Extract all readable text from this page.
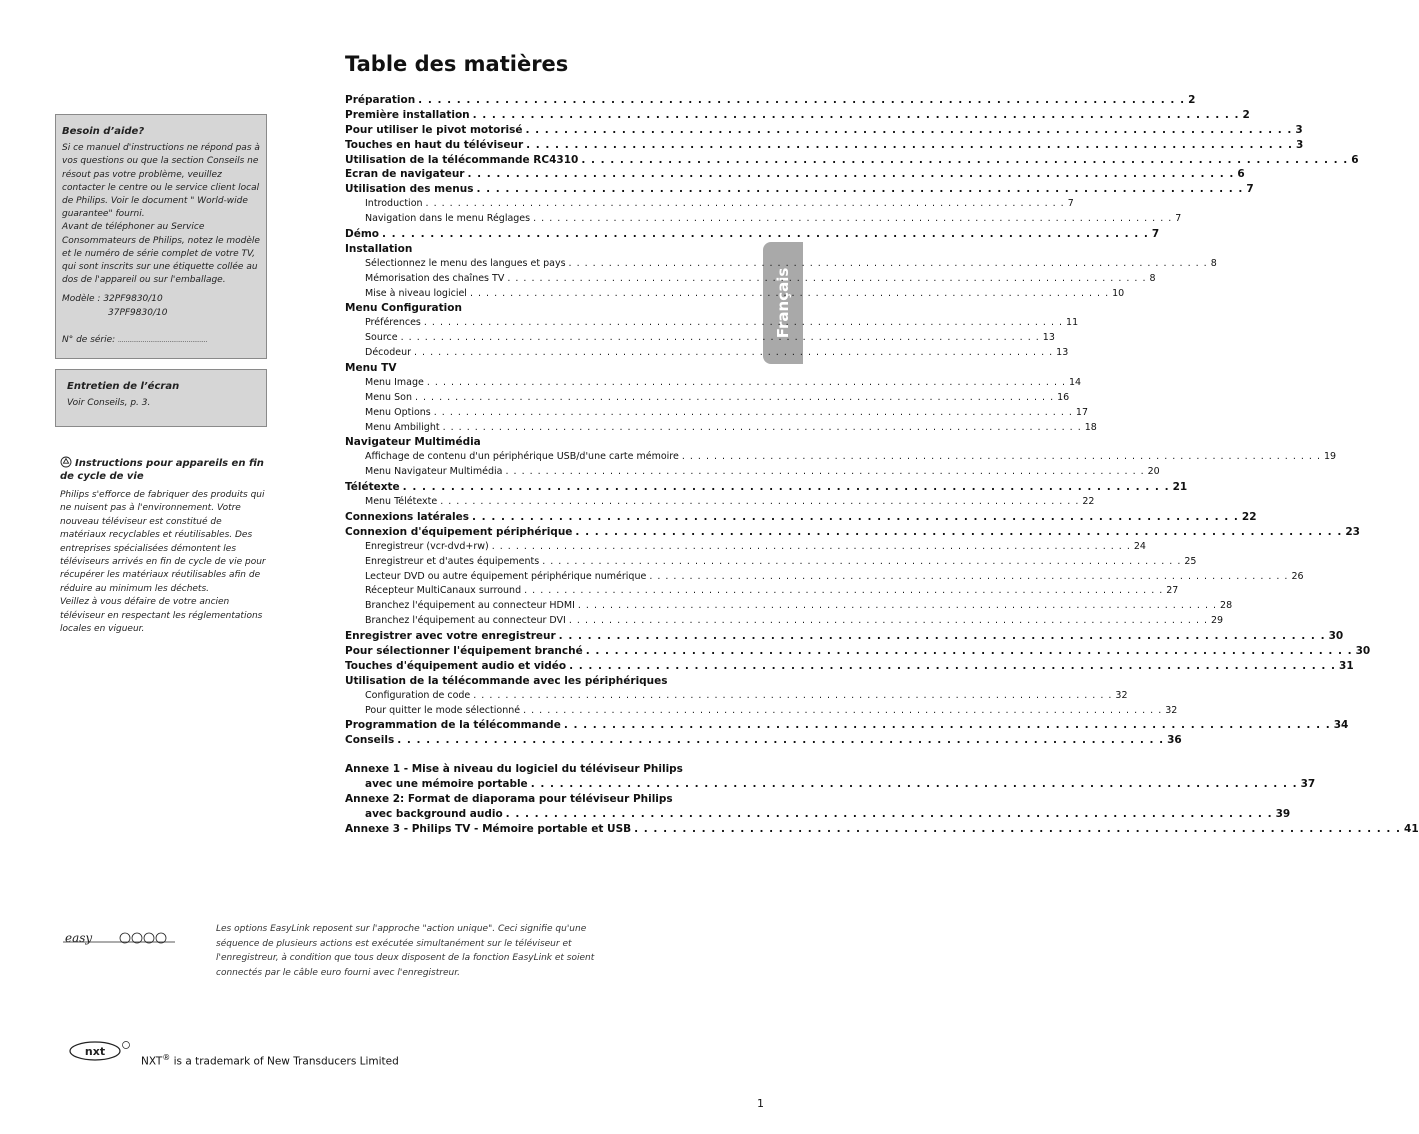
Français
Besoin d’aide?

Si ce manuel d'instructions ne répond pas à vos questions ou que la section Conseils ne résout pas votre problème, veuillez contacter le centre ou le service client local de Philips. Voir le document " World-wide guarantee" fourni.

Avant de téléphoner au Service Consommateurs de Philips, notez le modèle et le numéro de série complet de votre TV, qui sont inscrits sur une étiquette collée au dos de l'appareil ou sur l'emballage.

Modèle : 32PF9830/10

37PF9830/10

N° de série: ...............................................

Entretien de l’écran

Voir Conseils, p. 3.

Instructions pour appareils en fin de cycle de vie

Philips s'efforce de fabriquer des produits qui ne nuisent pas à l'environnement. Votre nouveau téléviseur est constitué de matériaux recyclables et réutilisables. Des entreprises spécialisées démontent les téléviseurs arrivés en fin de cycle de vie pour récupérer les matériaux réutilisables afin de réduire au minimum les déchets.

Veillez à vous défaire de votre ancien téléviseur en respectant les réglementations locales en vigueur.

Table des matières
Préparation . . . . . . . . . . . . . . . . . . . . . . . . . . . . . . . . . . . . . . . . . . . . . . . . . . . . . . . . . . . . . . . . . . . . . . . . . . . . . . . . 2
Première installation . . . . . . . . . . . . . . . . . . . . . . . . . . . . . . . . . . . . . . . . . . . . . . . . . . . . . . . . . . . . . . . . . . . . . . . . . . . . . . . . 2
Pour utiliser le pivot motorisé . . . . . . . . . . . . . . . . . . . . . . . . . . . . . . . . . . . . . . . . . . . . . . . . . . . . . . . . . . . . . . . . . . . . . . . . . . . . . . . . 3
Touches en haut du téléviseur . . . . . . . . . . . . . . . . . . . . . . . . . . . . . . . . . . . . . . . . . . . . . . . . . . . . . . . . . . . . . . . . . . . . . . . . . . . . . . . . 3
Utilisation de la télécommande RC4310 . . . . . . . . . . . . . . . . . . . . . . . . . . . . . . . . . . . . . . . . . . . . . . . . . . . . . . . . . . . . . . . . . . . . . . . . . . . . . . . . 6
Ecran de navigateur . . . . . . . . . . . . . . . . . . . . . . . . . . . . . . . . . . . . . . . . . . . . . . . . . . . . . . . . . . . . . . . . . . . . . . . . . . . . . . . . 6
Utilisation des menus . . . . . . . . . . . . . . . . . . . . . . . . . . . . . . . . . . . . . . . . . . . . . . . . . . . . . . . . . . . . . . . . . . . . . . . . . . . . . . . . 7
Introduction . . . . . . . . . . . . . . . . . . . . . . . . . . . . . . . . . . . . . . . . . . . . . . . . . . . . . . . . . . . . . . . . . . . . . . . . . . . . . . . . 7
Navigation dans le menu Réglages . . . . . . . . . . . . . . . . . . . . . . . . . . . . . . . . . . . . . . . . . . . . . . . . . . . . . . . . . . . . . . . . . . . . . . . . . . . . . . . . 7
Démo . . . . . . . . . . . . . . . . . . . . . . . . . . . . . . . . . . . . . . . . . . . . . . . . . . . . . . . . . . . . . . . . . . . . . . . . . . . . . . . . 7
Installation
Sélectionnez le menu des langues et pays . . . . . . . . . . . . . . . . . . . . . . . . . . . . . . . . . . . . . . . . . . . . . . . . . . . . . . . . . . . . . . . . . . . . . . . . . . . . . . . . 8
Mémorisation des chaînes TV . . . . . . . . . . . . . . . . . . . . . . . . . . . . . . . . . . . . . . . . . . . . . . . . . . . . . . . . . . . . . . . . . . . . . . . . . . . . . . . . 8
Mise à niveau logiciel . . . . . . . . . . . . . . . . . . . . . . . . . . . . . . . . . . . . . . . . . . . . . . . . . . . . . . . . . . . . . . . . . . . . . . . . . . . . . . . . 10
Menu Configuration
Préférences . . . . . . . . . . . . . . . . . . . . . . . . . . . . . . . . . . . . . . . . . . . . . . . . . . . . . . . . . . . . . . . . . . . . . . . . . . . . . . . . 11
Source . . . . . . . . . . . . . . . . . . . . . . . . . . . . . . . . . . . . . . . . . . . . . . . . . . . . . . . . . . . . . . . . . . . . . . . . . . . . . . . . 13
Décodeur . . . . . . . . . . . . . . . . . . . . . . . . . . . . . . . . . . . . . . . . . . . . . . . . . . . . . . . . . . . . . . . . . . . . . . . . . . . . . . . . 13
Menu TV
Menu Image . . . . . . . . . . . . . . . . . . . . . . . . . . . . . . . . . . . . . . . . . . . . . . . . . . . . . . . . . . . . . . . . . . . . . . . . . . . . . . . . 14
Menu Son . . . . . . . . . . . . . . . . . . . . . . . . . . . . . . . . . . . . . . . . . . . . . . . . . . . . . . . . . . . . . . . . . . . . . . . . . . . . . . . . 16
Menu Options . . . . . . . . . . . . . . . . . . . . . . . . . . . . . . . . . . . . . . . . . . . . . . . . . . . . . . . . . . . . . . . . . . . . . . . . . . . . . . . . 17
Menu Ambilight . . . . . . . . . . . . . . . . . . . . . . . . . . . . . . . . . . . . . . . . . . . . . . . . . . . . . . . . . . . . . . . . . . . . . . . . . . . . . . . . 18
Navigateur Multimédia
Affichage de contenu d'un périphérique USB/d'une carte mémoire . . . . . . . . . . . . . . . . . . . . . . . . . . . . . . . . . . . . . . . . . . . . . . . . . . . . . . . . . . . . . . . . . . . . . . . . . . . . . . . . 19
Menu Navigateur Multimédia . . . . . . . . . . . . . . . . . . . . . . . . . . . . . . . . . . . . . . . . . . . . . . . . . . . . . . . . . . . . . . . . . . . . . . . . . . . . . . . . 20
Télétexte . . . . . . . . . . . . . . . . . . . . . . . . . . . . . . . . . . . . . . . . . . . . . . . . . . . . . . . . . . . . . . . . . . . . . . . . . . . . . . . . 21
Menu Télétexte . . . . . . . . . . . . . . . . . . . . . . . . . . . . . . . . . . . . . . . . . . . . . . . . . . . . . . . . . . . . . . . . . . . . . . . . . . . . . . . . 22
Connexions latérales . . . . . . . . . . . . . . . . . . . . . . . . . . . . . . . . . . . . . . . . . . . . . . . . . . . . . . . . . . . . . . . . . . . . . . . . . . . . . . . . 22
Connexion d'équipement périphérique . . . . . . . . . . . . . . . . . . . . . . . . . . . . . . . . . . . . . . . . . . . . . . . . . . . . . . . . . . . . . . . . . . . . . . . . . . . . . . . . 23
Enregistreur (vcr-dvd+rw) . . . . . . . . . . . . . . . . . . . . . . . . . . . . . . . . . . . . . . . . . . . . . . . . . . . . . . . . . . . . . . . . . . . . . . . . . . . . . . . . 24
Enregistreur et d'autes équipements . . . . . . . . . . . . . . . . . . . . . . . . . . . . . . . . . . . . . . . . . . . . . . . . . . . . . . . . . . . . . . . . . . . . . . . . . . . . . . . . 25
Lecteur DVD ou autre équipement périphérique numérique . . . . . . . . . . . . . . . . . . . . . . . . . . . . . . . . . . . . . . . . . . . . . . . . . . . . . . . . . . . . . . . . . . . . . . . . . . . . . . . . 26
Récepteur MultiCanaux surround . . . . . . . . . . . . . . . . . . . . . . . . . . . . . . . . . . . . . . . . . . . . . . . . . . . . . . . . . . . . . . . . . . . . . . . . . . . . . . . . 27
Branchez l'équipement au connecteur HDMI . . . . . . . . . . . . . . . . . . . . . . . . . . . . . . . . . . . . . . . . . . . . . . . . . . . . . . . . . . . . . . . . . . . . . . . . . . . . . . . . 28
Branchez l'équipement au connecteur DVI . . . . . . . . . . . . . . . . . . . . . . . . . . . . . . . . . . . . . . . . . . . . . . . . . . . . . . . . . . . . . . . . . . . . . . . . . . . . . . . . 29
Enregistrer avec votre enregistreur . . . . . . . . . . . . . . . . . . . . . . . . . . . . . . . . . . . . . . . . . . . . . . . . . . . . . . . . . . . . . . . . . . . . . . . . . . . . . . . . 30
Pour sélectionner l'équipement branché . . . . . . . . . . . . . . . . . . . . . . . . . . . . . . . . . . . . . . . . . . . . . . . . . . . . . . . . . . . . . . . . . . . . . . . . . . . . . . . . 30
Touches d'équipement audio et vidéo . . . . . . . . . . . . . . . . . . . . . . . . . . . . . . . . . . . . . . . . . . . . . . . . . . . . . . . . . . . . . . . . . . . . . . . . . . . . . . . . 31
Utilisation de la télécommande avec les périphériques
Configuration de code . . . . . . . . . . . . . . . . . . . . . . . . . . . . . . . . . . . . . . . . . . . . . . . . . . . . . . . . . . . . . . . . . . . . . . . . . . . . . . . . 32
Pour quitter le mode sélectionné . . . . . . . . . . . . . . . . . . . . . . . . . . . . . . . . . . . . . . . . . . . . . . . . . . . . . . . . . . . . . . . . . . . . . . . . . . . . . . . . 32
Programmation de la télécommande . . . . . . . . . . . . . . . . . . . . . . . . . . . . . . . . . . . . . . . . . . . . . . . . . . . . . . . . . . . . . . . . . . . . . . . . . . . . . . . . 34
Conseils . . . . . . . . . . . . . . . . . . . . . . . . . . . . . . . . . . . . . . . . . . . . . . . . . . . . . . . . . . . . . . . . . . . . . . . . . . . . . . . . 36
Annexe 1 - Mise à niveau du logiciel du téléviseur Philips
avec une mémoire portable . . . . . . . . . . . . . . . . . . . . . . . . . . . . . . . . . . . . . . . . . . . . . . . . . . . . . . . . . . . . . . . . . . . . . . . . . . . . . . . . 37
Annexe 2: Format de diaporama pour téléviseur Philips
avec background audio . . . . . . . . . . . . . . . . . . . . . . . . . . . . . . . . . . . . . . . . . . . . . . . . . . . . . . . . . . . . . . . . . . . . . . . . . . . . . . . . 39
Annexe 3 - Philips TV - Mémoire portable et USB . . . . . . . . . . . . . . . . . . . . . . . . . . . . . . . . . . . . . . . . . . . . . . . . . . . . . . . . . . . . . . . . . . . . . . . . . . . . . . . . 41
easy
Les options EasyLink reposent sur l'approche "action unique". Ceci signifie qu'une séquence de plusieurs actions est exécutée simultanément sur le téléviseur et l'enregistreur, à condition que tous deux disposent de la fonction EasyLink et soient connectés par le câble euro fourni avec l'enregistreur.
nxt
NXT® is a trademark of New Transducers Limited
1
